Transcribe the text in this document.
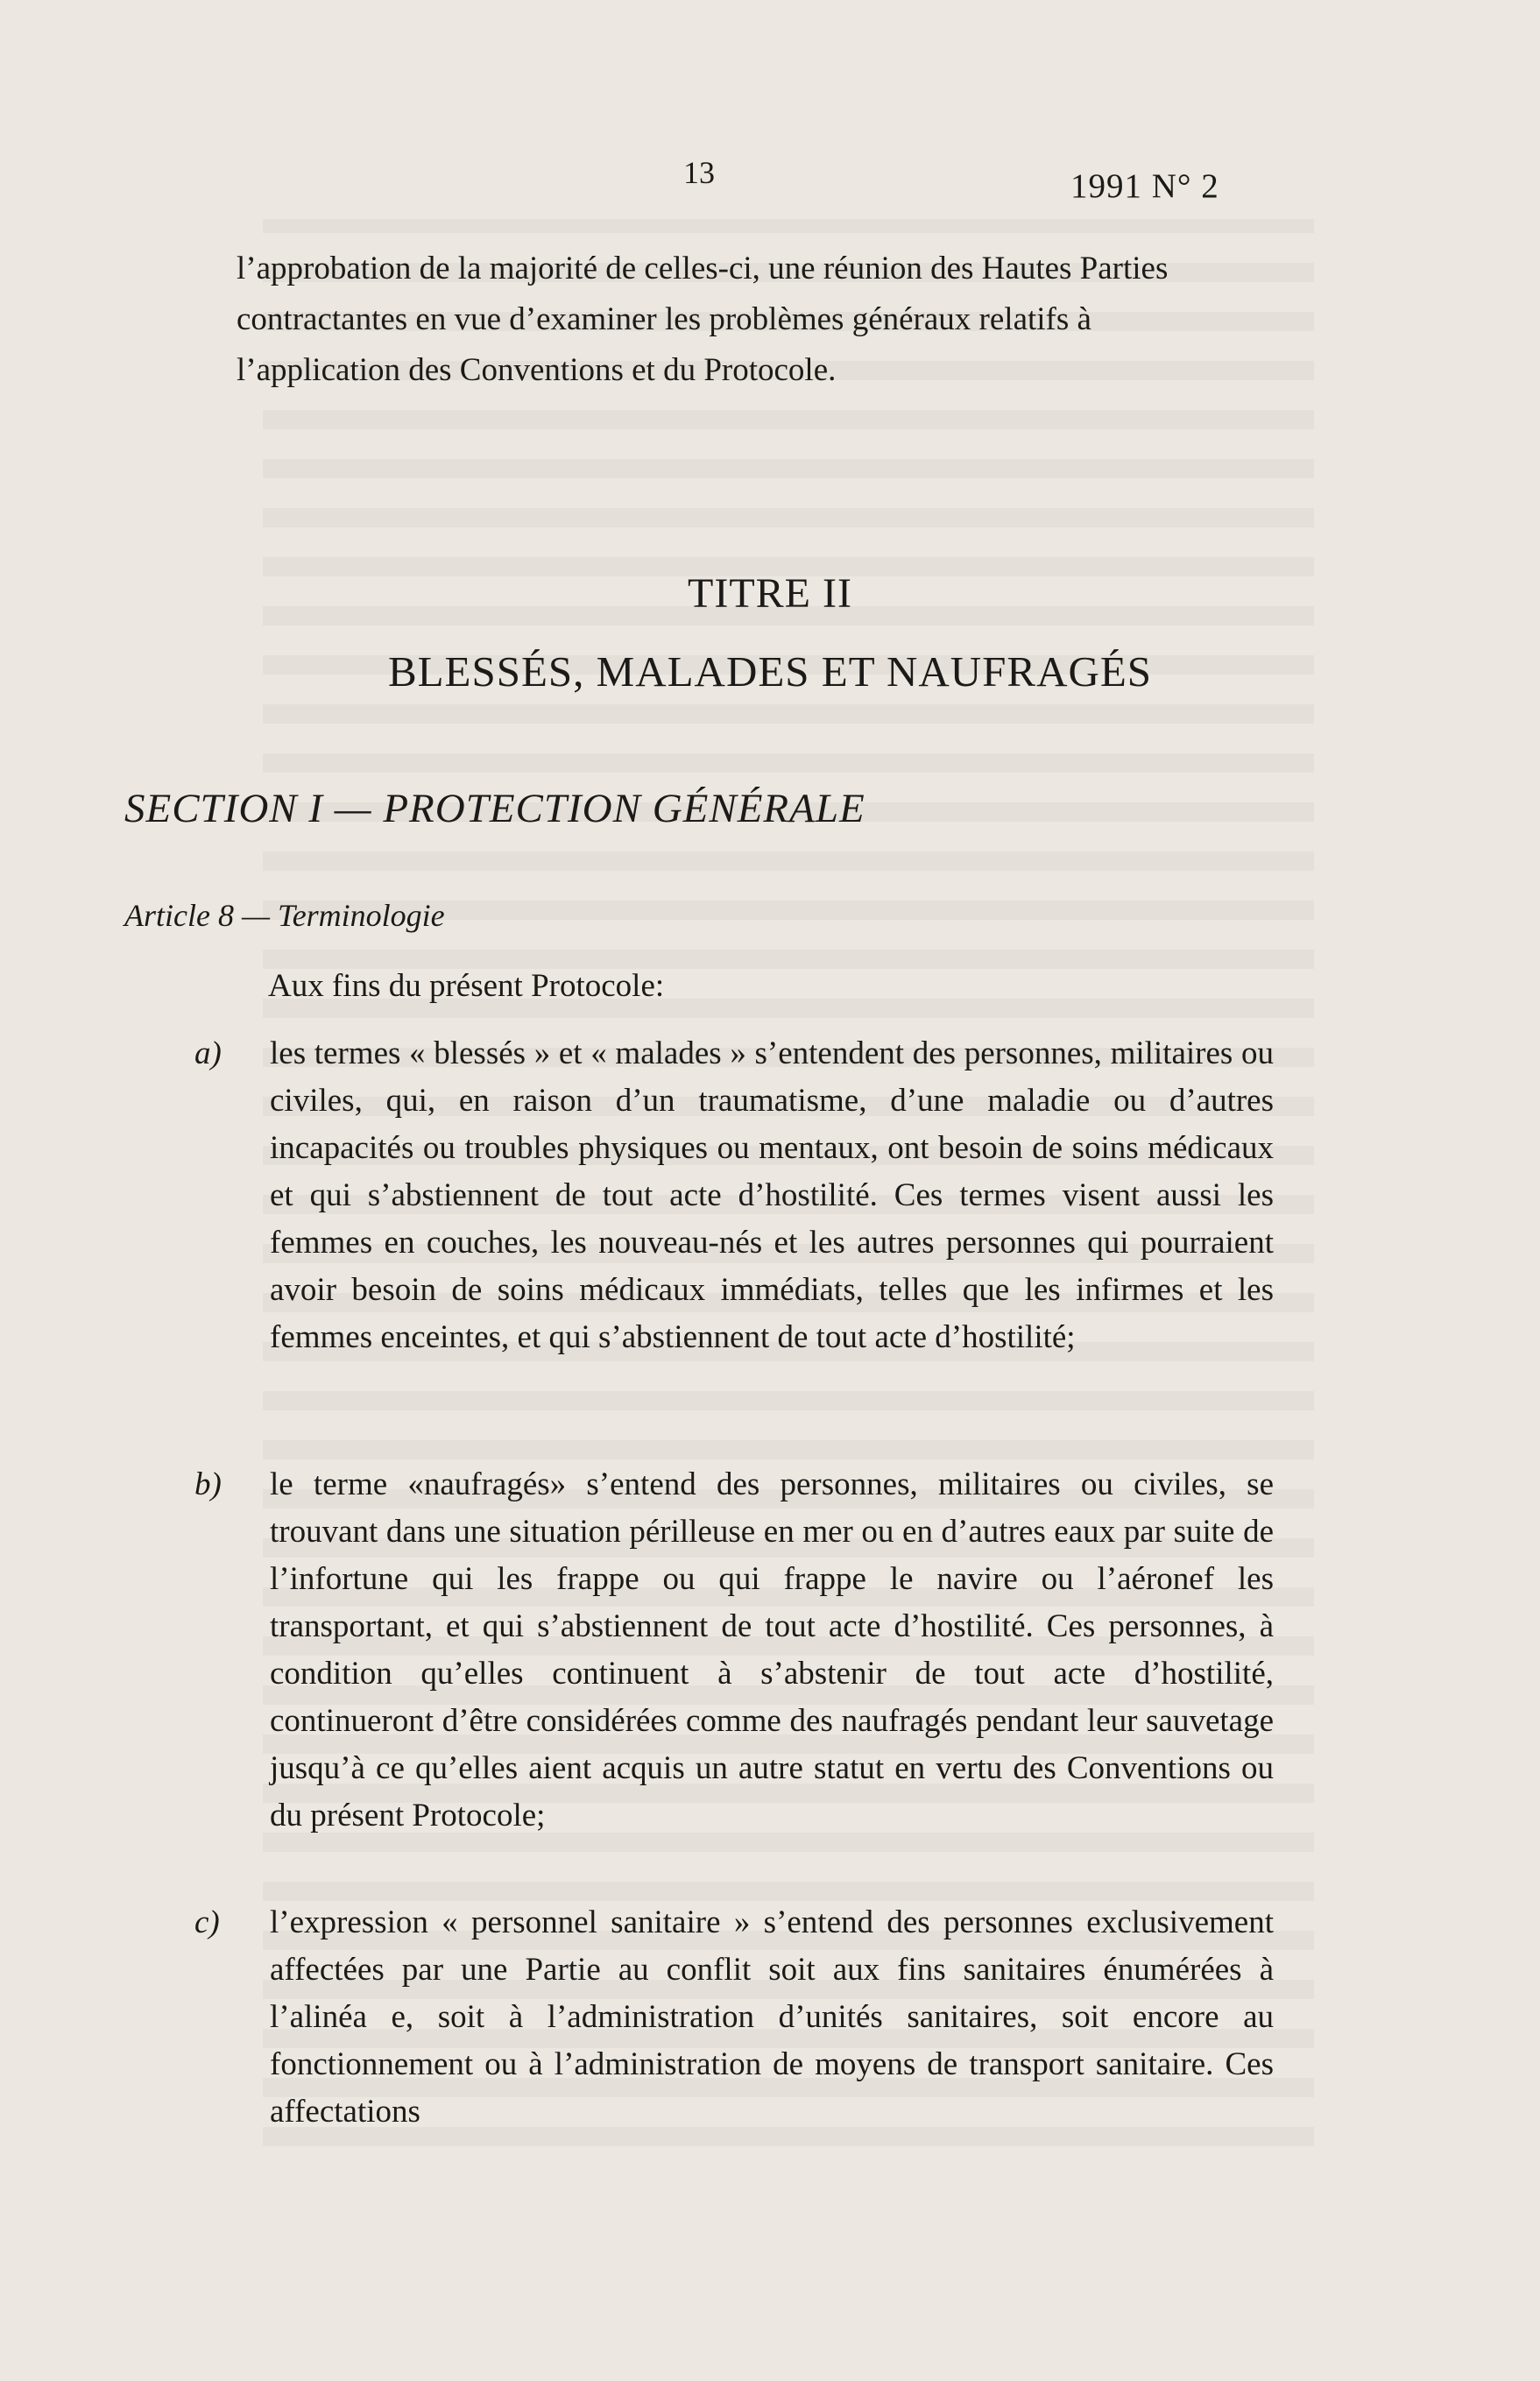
13	1991 N° 2

l’approbation de la majorité de celles-ci, une réunion des Hautes Parties contractantes en vue d’examiner les problèmes généraux relatifs à l’application des Conventions et du Protocole.

TITRE II
BLESSÉS, MALADES ET NAUFRAGÉS
SECTION I — PROTECTION GÉNÉRALE
Article 8 — Terminologie
Aux fins du présent Protocole:
a) les termes « blessés » et « malades » s’entendent des personnes, militaires ou civiles, qui, en raison d’un traumatisme, d’une maladie ou d’autres incapacités ou troubles physiques ou mentaux, ont besoin de soins médicaux et qui s’abstiennent de tout acte d’hostilité. Ces termes visent aussi les femmes en couches, les nouveau-nés et les autres personnes qui pourraient avoir besoin de soins médicaux immédiats, telles que les infirmes et les femmes enceintes, et qui s’abstiennent de tout acte d’hostilité;
b) le terme «naufragés» s’entend des personnes, militaires ou civiles, se trouvant dans une situation périlleuse en mer ou en d’autres eaux par suite de l’infortune qui les frappe ou qui frappe le navire ou l’aéronef les transportant, et qui s’abstiennent de tout acte d’hostilité. Ces personnes, à condition qu’elles continuent à s’abstenir de tout acte d’hostilité, continueront d’être considérées comme des naufragés pendant leur sauvetage jusqu’à ce qu’elles aient acquis un autre statut en vertu des Conventions ou du présent Protocole;
c) l’expression « personnel sanitaire » s’entend des personnes exclusivement affectées par une Partie au conflit soit aux fins sanitaires énumérées à l’alinéa e, soit à l’administration d’unités sanitaires, soit encore au fonctionnement ou à l’administration de moyens de transport sanitaire. Ces affectations
